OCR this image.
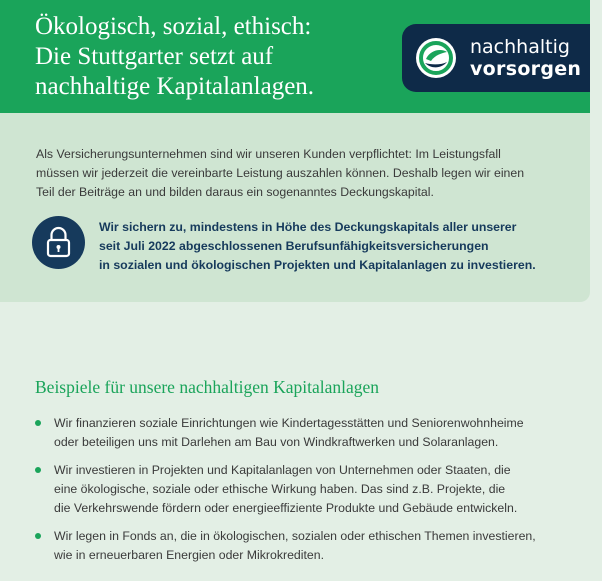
Ökologisch, sozial, ethisch:
Die Stuttgarter setzt auf
nachhaltige Kapitalanlagen.
nachhaltig
vorsorgen

Als Versicherungsunternehmen sind wir unseren Kunden verpflichtet: Im Leistungsfall
müssen wir jederzeit die vereinbarte Leistung auszahlen können. Deshalb legen wir einen
Teil der Beiträge an und bilden daraus ein sogenanntes Deckungskapital.

Wir sichern zu, mindestens in Höhe des Deckungskapitals aller unserer
seit Juli 2022 abgeschlossenen Berufsunfähigkeitsversicherungen
in sozialen und ökologischen Projekten und Kapitalanlagen zu investieren.

Beispiele für unsere nachhaltigen Kapitalanlagen
Wir finanzieren soziale Einrichtungen wie Kindertagesstätten und Seniorenwohnheime
oder beteiligen uns mit Darlehen am Bau von Windkraftwerken und Solaranlagen.
Wir investieren in Projekten und Kapitalanlagen von Unternehmen oder Staaten, die
eine ökologische, soziale oder ethische Wirkung haben. Das sind z.B. Projekte, die
die Verkehrswende fördern oder energieeffiziente Produkte und Gebäude entwickeln.
Wir legen in Fonds an, die in ökologischen, sozialen oder ethischen Themen investieren,
wie in erneuerbaren Energien oder Mikrokrediten.
